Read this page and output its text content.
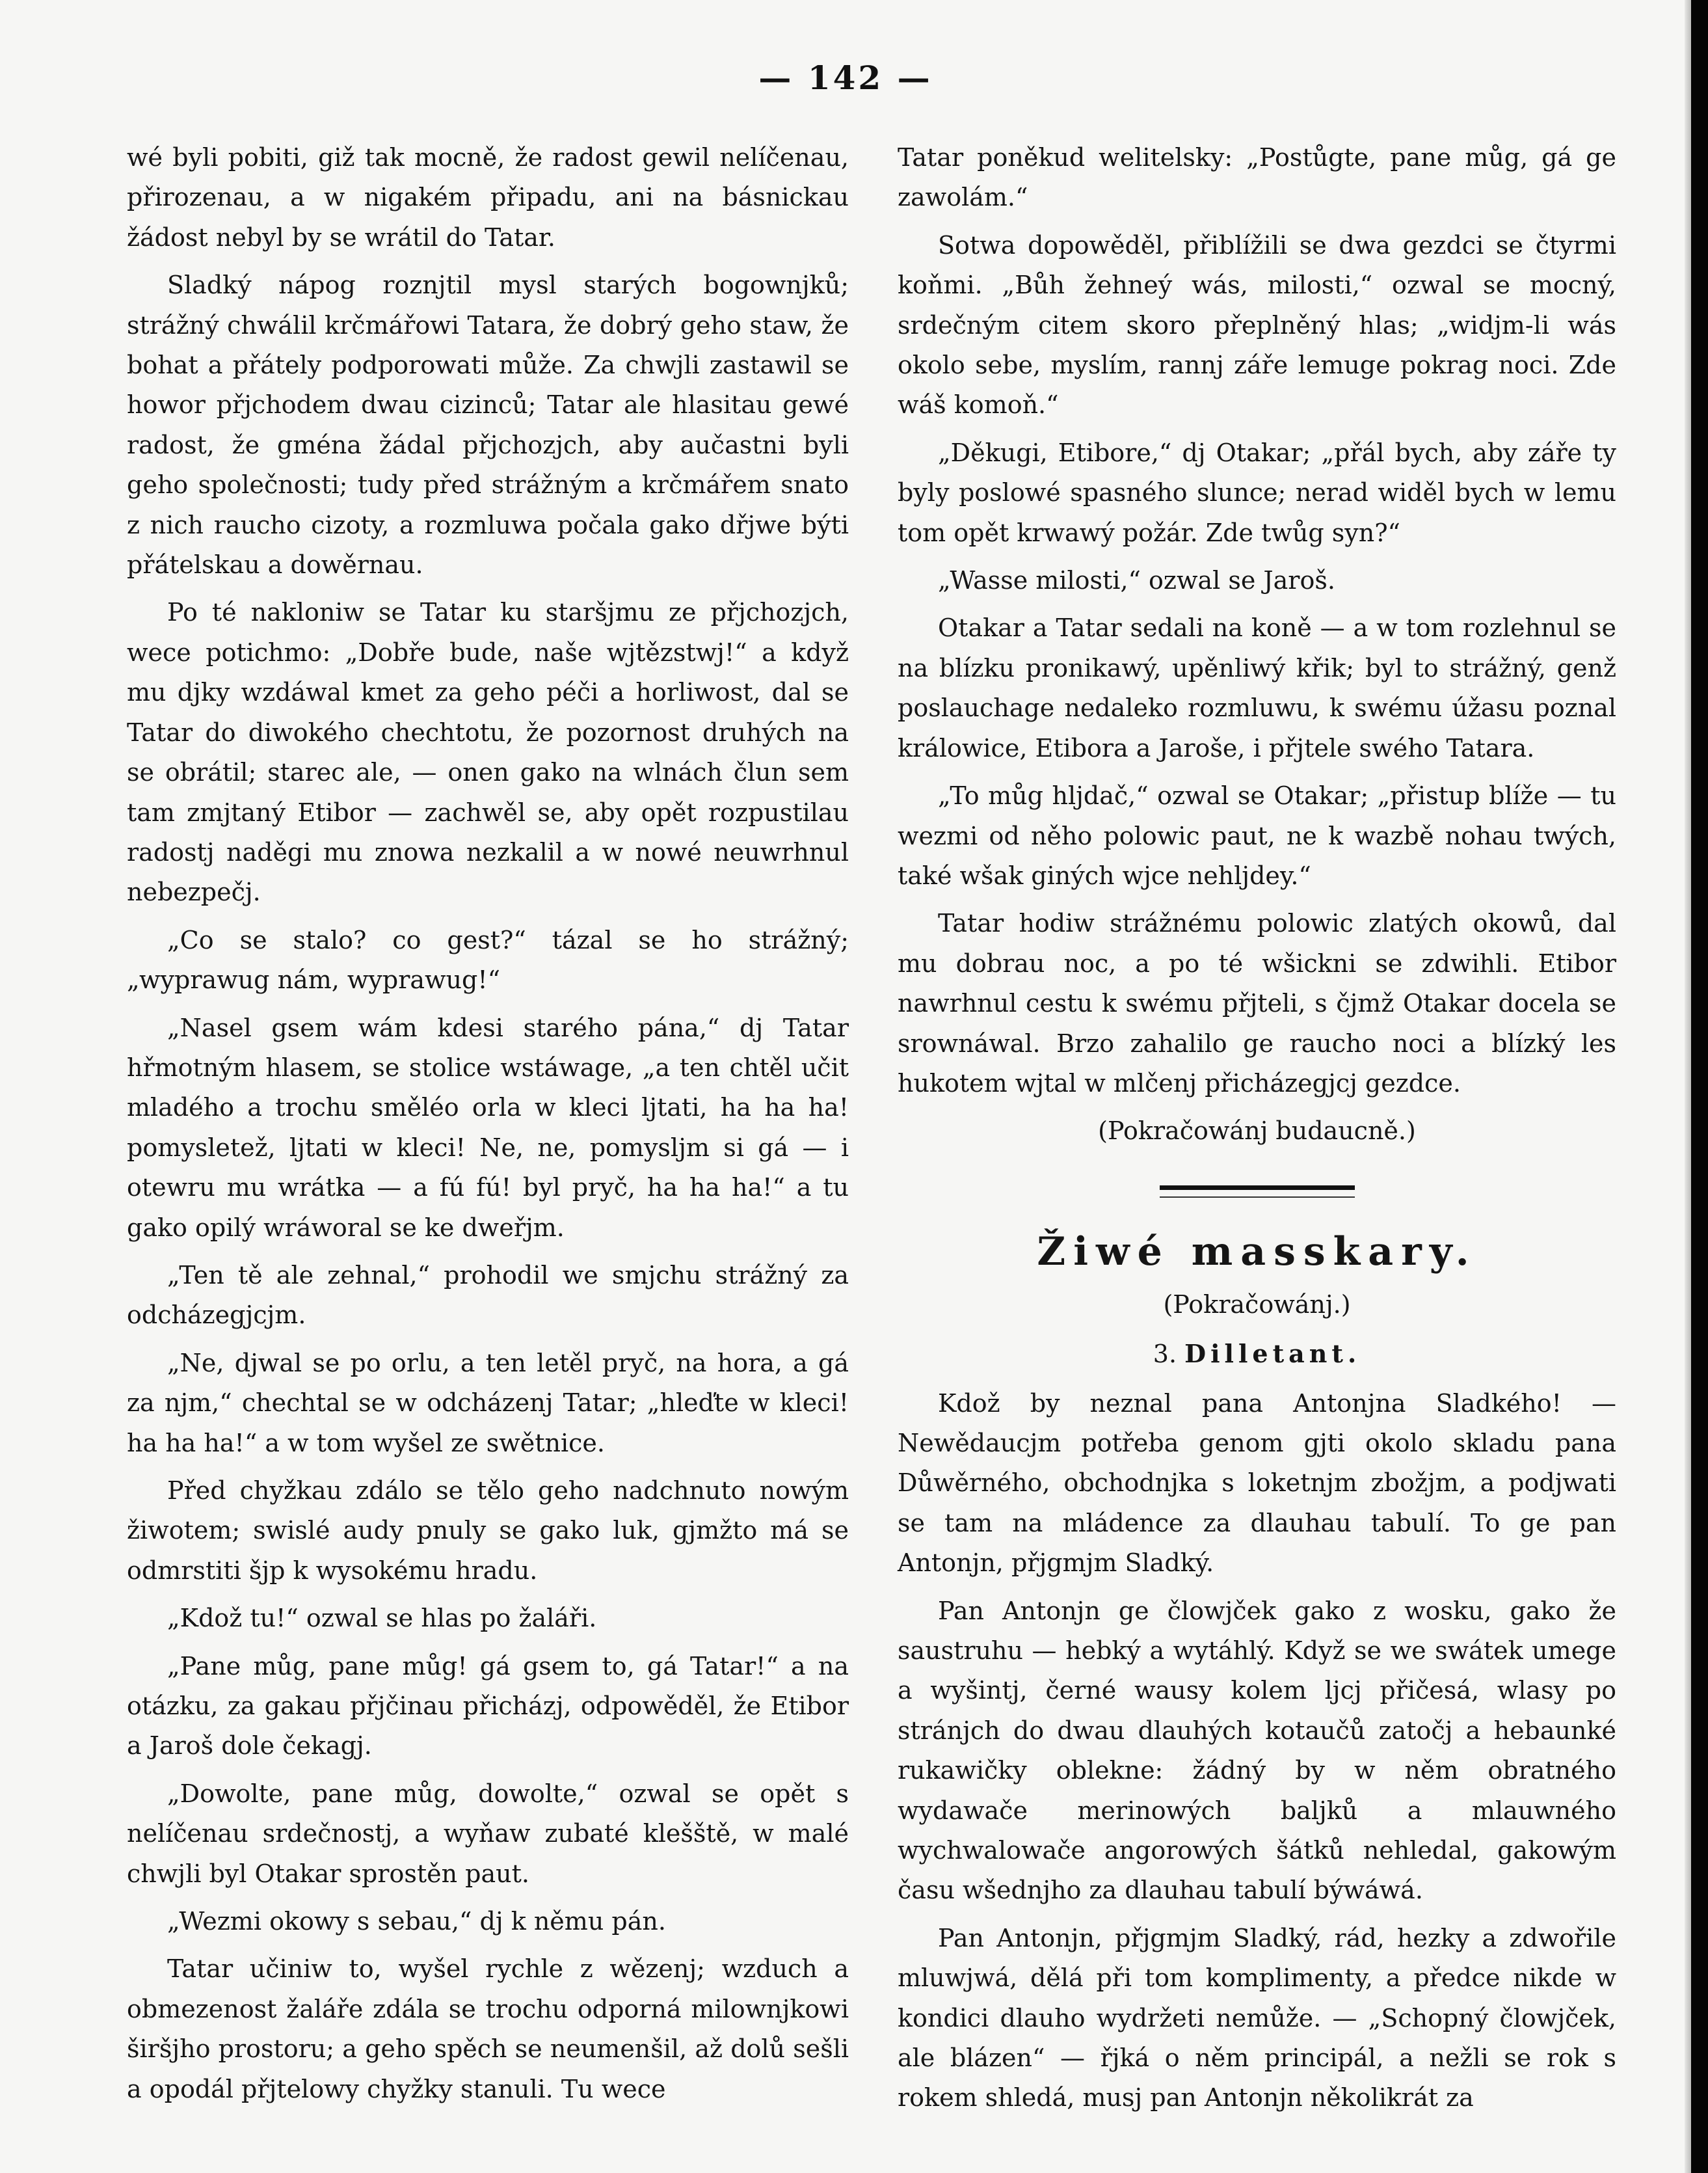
— 142 —

wé byli pobiti, giž tak mocně, že radost gewil nelíčenau, přirozenau, a w nigakém připadu, ani na básnickau žádost nebyl by se wrátil do Tatar.

Sladký nápog roznjtil mysl starých bogownjků; strážný chwálil krčmářowi Tatara, že dobrý geho staw, že bohat a přátely podporowati může. Za chwjli zastawil se howor přjchodem dwau cizinců; Tatar ale hlasitau gewé radost, že gména žádal přjchozjch, aby aučastni byli geho společnosti; tudy před strážným a krčmářem snato z nich raucho cizoty, a rozmluwa počala gako dřjwe býti přátelskau a dowěrnau.

Po té nakloniw se Tatar ku staršjmu ze přjchozjch, wece potichmo: „Dobře bude, naše wjtězstwj!“ a když mu djky wzdáwal kmet za geho péči a horliwost, dal se Tatar do diwokého chechtotu, že pozornost druhých na se obrátil; starec ale, — onen gako na wlnách člun sem tam zmjtaný Etibor — zachwěl se, aby opět rozpustilau radostj naděgi mu znowa nezkalil a w nowé neuwrhnul nebezpečj.

„Co se stalo? co gest?“ tázal se ho strážný; „wyprawug nám, wyprawug!“

„Nasel gsem wám kdesi starého pána,“ dj Tatar hřmotným hlasem, se stolice wstáwage, „a ten chtěl učit mladého a trochu směléo orla w kleci ljtati, ha ha ha! pomysletež, ljtati w kleci! Ne, ne, pomysljm si gá — i otewru mu wrátka — a fú fú! byl pryč, ha ha ha!“ a tu gako opilý wráworal se ke dweřjm.

„Ten tě ale zehnal,“ prohodil we smjchu strážný za odcházegjcjm.

„Ne, djwal se po orlu, a ten letěl pryč, na hora, a gá za njm,“ chechtal se w odcházenj Tatar; „hleďte w kleci! ha ha ha!“ a w tom wyšel ze swětnice.

Před chyžkau zdálo se tělo geho nadchnuto nowým žiwotem; swislé audy pnuly se gako luk, gjmžto má se odmrstiti šjp k wysokému hradu.

„Kdož tu!“ ozwal se hlas po žaláři.

„Pane můg, pane můg! gá gsem to, gá Tatar!“ a na otázku, za gakau přjčinau přicházj, odpowěděl, že Etibor a Jaroš dole čekagj.

„Dowolte, pane můg, dowolte,“ ozwal se opět s nelíčenau srdečnostj, a wyňaw zubaté klešště, w malé chwjli byl Otakar sprostěn paut.

„Wezmi okowy s sebau,“ dj k němu pán.

Tatar učiniw to, wyšel rychle z wězenj; wzduch a obmezenost žaláře zdála se trochu odporná milownjkowi širšjho prostoru; a geho spěch se neumenšil, až dolů sešli a opodál přjtelowy chyžky stanuli. Tu wece

Tatar poněkud welitelsky: „Postůgte, pane můg, gá ge zawolám.“

Sotwa dopowěděl, přiblížili se dwa gezdci se čtyrmi koňmi. „Bůh žehneý wás, milosti,“ ozwal se mocný, srdečným citem skoro přeplněný hlas; „widjm-li wás okolo sebe, myslím, rannj záře lemuge pokrag noci. Zde wáš komoň.“

„Děkugi, Etibore,“ dj Otakar; „přál bych, aby záře ty byly poslowé spasného slunce; nerad widěl bych w lemu tom opět krwawý požár. Zde twůg syn?“

„Wasse milosti,“ ozwal se Jaroš.

Otakar a Tatar sedali na koně — a w tom rozlehnul se na blízku pronikawý, upěnliwý křik; byl to strážný, genž poslauchage nedaleko rozmluwu, k swému úžasu poznal králowice, Etibora a Jaroše, i přjtele swého Tatara.

„To můg hljdač,“ ozwal se Otakar; „přistup blíže — tu wezmi od něho polowic paut, ne k wazbě nohau twých, také wšak giných wjce nehljdey.“

Tatar hodiw strážnému polowic zlatých okowů, dal mu dobrau noc, a po té wšickni se zdwihli. Etibor nawrhnul cestu k swému přjteli, s čjmž Otakar docela se srownáwal. Brzo zahalilo ge raucho noci a blízký les hukotem wjtal w mlčenj přicházegjcj gezdce.

(Pokračowánj budaucně.)

Žiwé masskary.

(Pokračowánj.)

3. Dilletant.

Kdož by neznal pana Antonjna Sladkého! — Newědaucjm potřeba genom gjti okolo skladu pana Důwěrného, obchodnjka s loketnjm zbožjm, a podjwati se tam na mládence za dlauhau tabulí. To ge pan Antonjn, přjgmjm Sladký.

Pan Antonjn ge člowjček gako z wosku, gako že saustruhu — hebký a wytáhlý. Když se we swátek umege a wyšintj, černé wausy kolem ljcj přičesá, wlasy po stránjch do dwau dlauhých kotaučů zatočj a hebaunké rukawičky oblekne: žádný by w něm obratného wydawače merinowých baljků a mlauwného wychwalowače angorowých šátků nehledal, gakowým času wšednjho za dlauhau tabulí býwáwá.

Pan Antonjn, přjgmjm Sladký, rád, hezky a zdwořile mluwjwá, dělá při tom komplimenty, a předce nikde w kondici dlauho wydržeti nemůže. — „Schopný člowjček, ale blázen“ — řjká o něm principál, a nežli se rok s rokem shledá, musj pan Antonjn několikrát za
